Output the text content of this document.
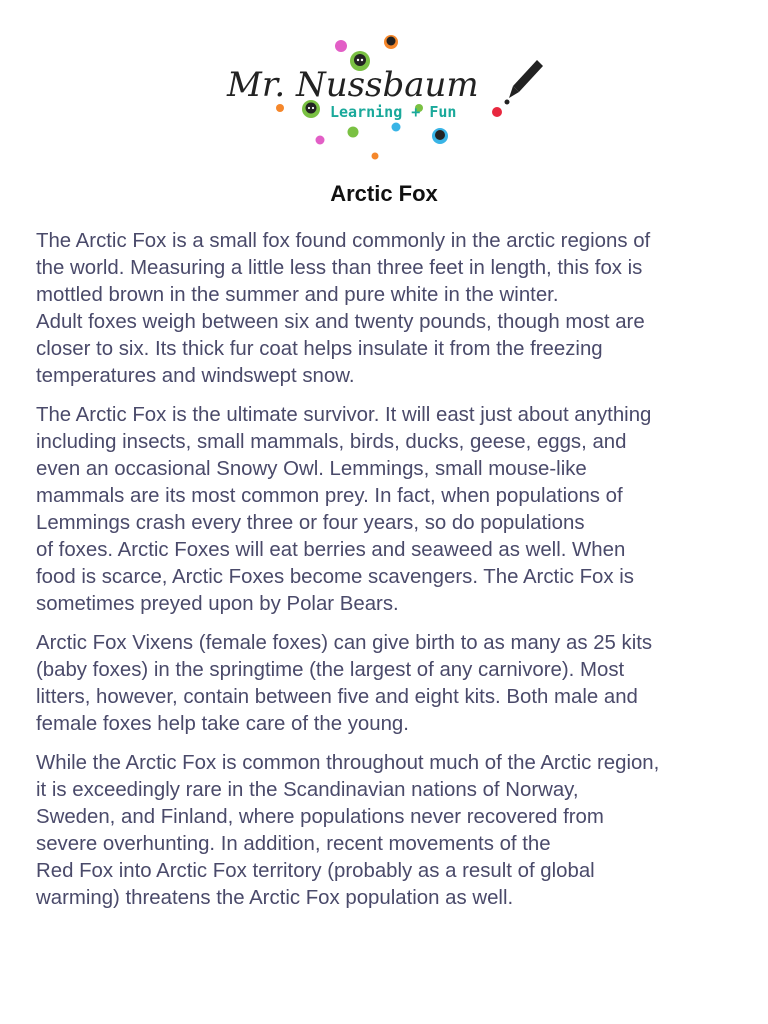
Mr. Nussbaum
Learning + Fun
Arctic Fox

The Arctic Fox is a small fox found commonly in the arctic regions of
the world. Measuring a little less than three feet in length, this fox is
mottled brown in the summer and pure white in the winter.
Adult foxes weigh between six and twenty pounds, though most are
closer to six. Its thick fur coat helps insulate it from the freezing
temperatures and windswept snow.

The Arctic Fox is the ultimate survivor. It will east just about anything
including insects, small mammals, birds, ducks, geese, eggs, and
even an occasional Snowy Owl. Lemmings, small mouse-like
mammals are its most common prey. In fact, when populations of
Lemmings crash every three or four years, so do populations
of foxes. Arctic Foxes will eat berries and seaweed as well. When
food is scarce, Arctic Foxes become scavengers. The Arctic Fox is
sometimes preyed upon by Polar Bears.

Arctic Fox Vixens (female foxes) can give birth to as many as 25 kits
(baby foxes) in the springtime (the largest of any carnivore). Most
litters, however, contain between five and eight kits. Both male and
female foxes help take care of the young.

While the Arctic Fox is common throughout much of the Arctic region,
it is exceedingly rare in the Scandinavian nations of Norway,
Sweden, and Finland, where populations never recovered from
severe overhunting. In addition, recent movements of the
Red Fox into Arctic Fox territory (probably as a result of global
warming) threatens the Arctic Fox population as well.
